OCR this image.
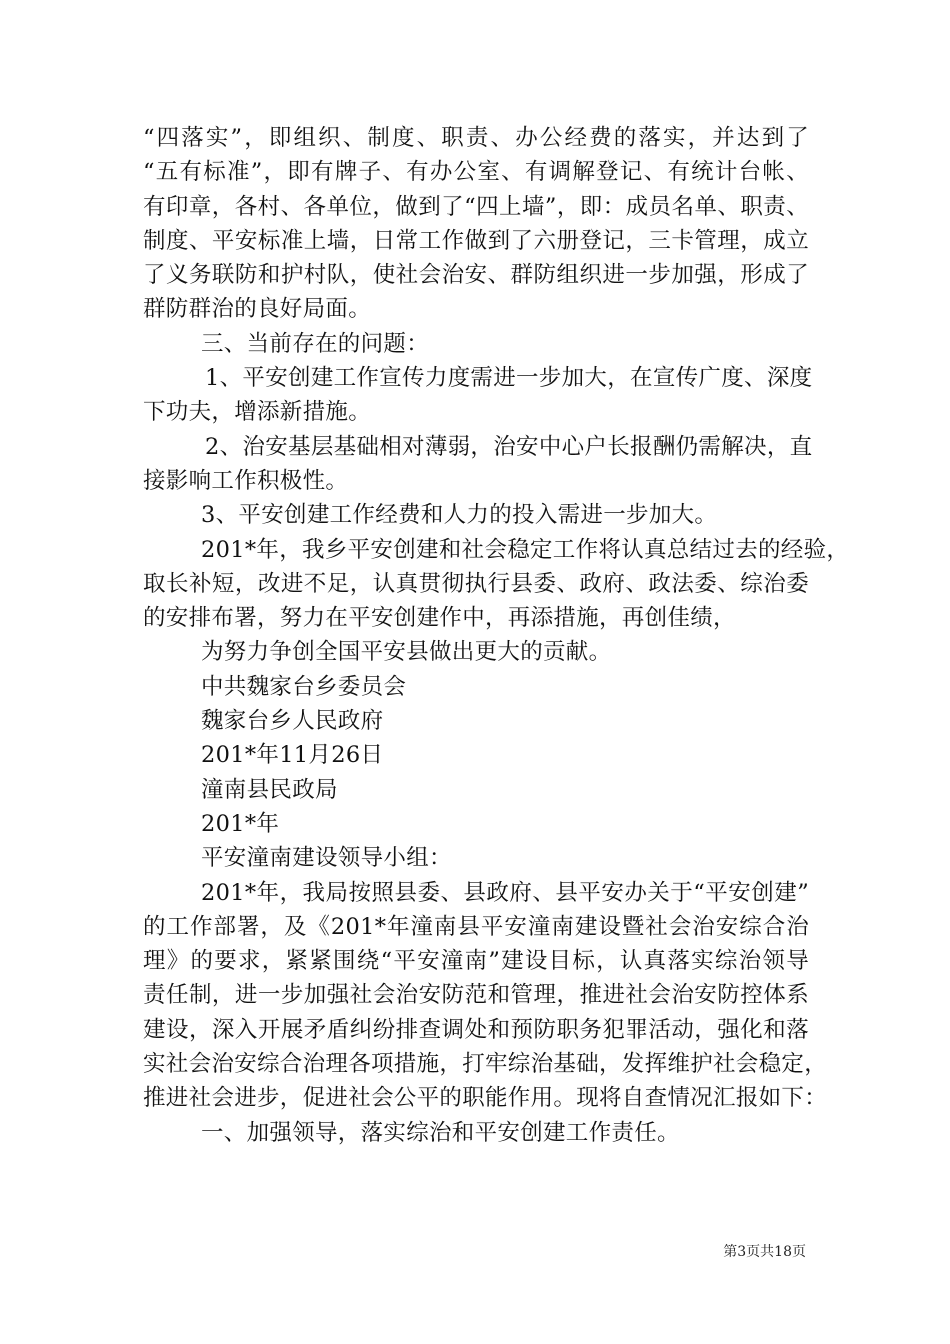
“四落实”，即组织、制度、职责、办公经费的落实，并达到了
“五有标准”，即有牌子、有办公室、有调解登记、有统计台帐、
有印章，各村、各单位，做到了“四上墙”，即：成员名单、职责、
制度、平安标准上墙，日常工作做到了六册登记，三卡管理，成立
了义务联防和护村队，使社会治安、群防组织进一步加强，形成了
群防群治的良好局面。
三、当前存在的问题：
1、平安创建工作宣传力度需进一步加大，在宣传广度、深度
下功夫，增添新措施。
2、治安基层基础相对薄弱，治安中心户长报酬仍需解决，直
接影响工作积极性。
3、平安创建工作经费和人力的投入需进一步加大。
201*年，我乡平安创建和社会稳定工作将认真总结过去的经验，
取长补短，改进不足，认真贯彻执行县委、政府、政法委、综治委
的安排布署，努力在平安创建作中，再添措施，再创佳绩，
为努力争创全国平安县做出更大的贡献。
中共魏家台乡委员会
魏家台乡人民政府
201*年11月26日
潼南县民政局
201*年
平安潼南建设领导小组：
201*年，我局按照县委、县政府、县平安办关于“平安创建”
的工作部署，及《201*年潼南县平安潼南建设暨社会治安综合治
理》的要求，紧紧围绕“平安潼南”建设目标，认真落实综治领导
责任制，进一步加强社会治安防范和管理，推进社会治安防控体系
建设，深入开展矛盾纠纷排查调处和预防职务犯罪活动，强化和落
实社会治安综合治理各项措施，打牢综治基础，发挥维护社会稳定，
推进社会进步，促进社会公平的职能作用。现将自查情况汇报如下：
一、加强领导，落实综治和平安创建工作责任。
第3页共18页
